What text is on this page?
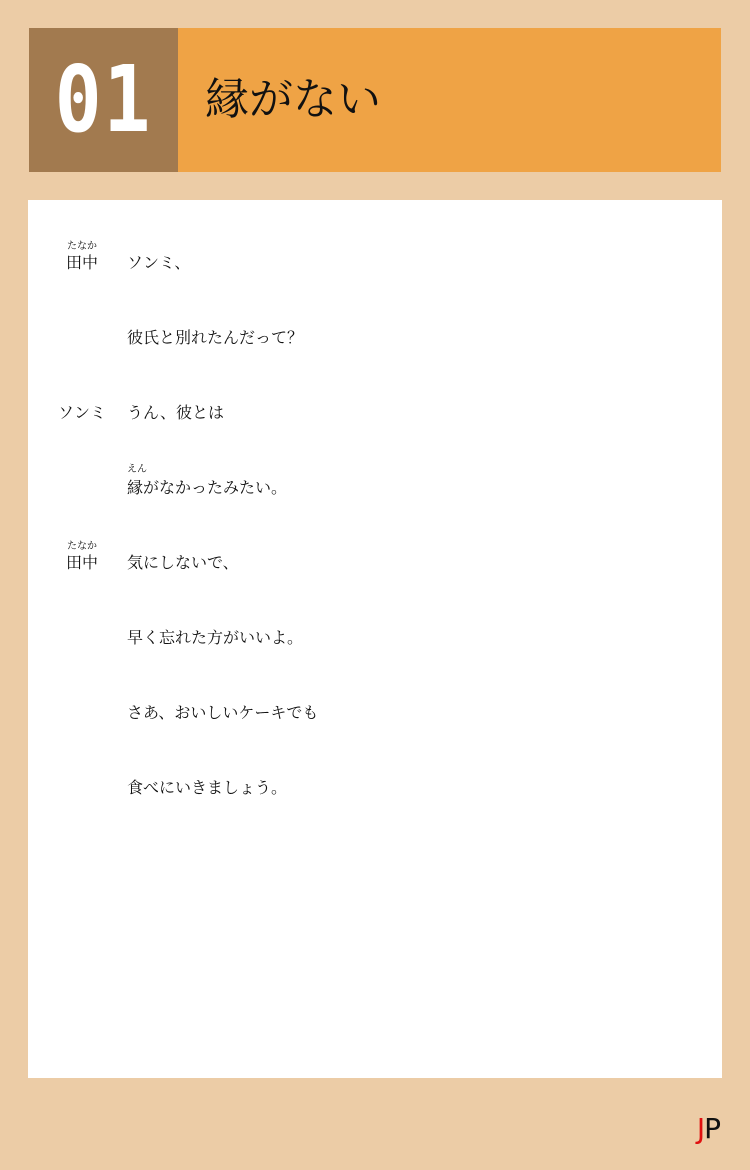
01 縁がない
たなか
田中	ソンミ、
彼氏と別れたんだって？
ソンミ	うん、彼とは
えん
縁がなかったみたい。
たなか
田中	気にしないで、
早く忘れた方がいいよ。
さあ、おいしいケーキでも
食べにいきましょう。
JP
